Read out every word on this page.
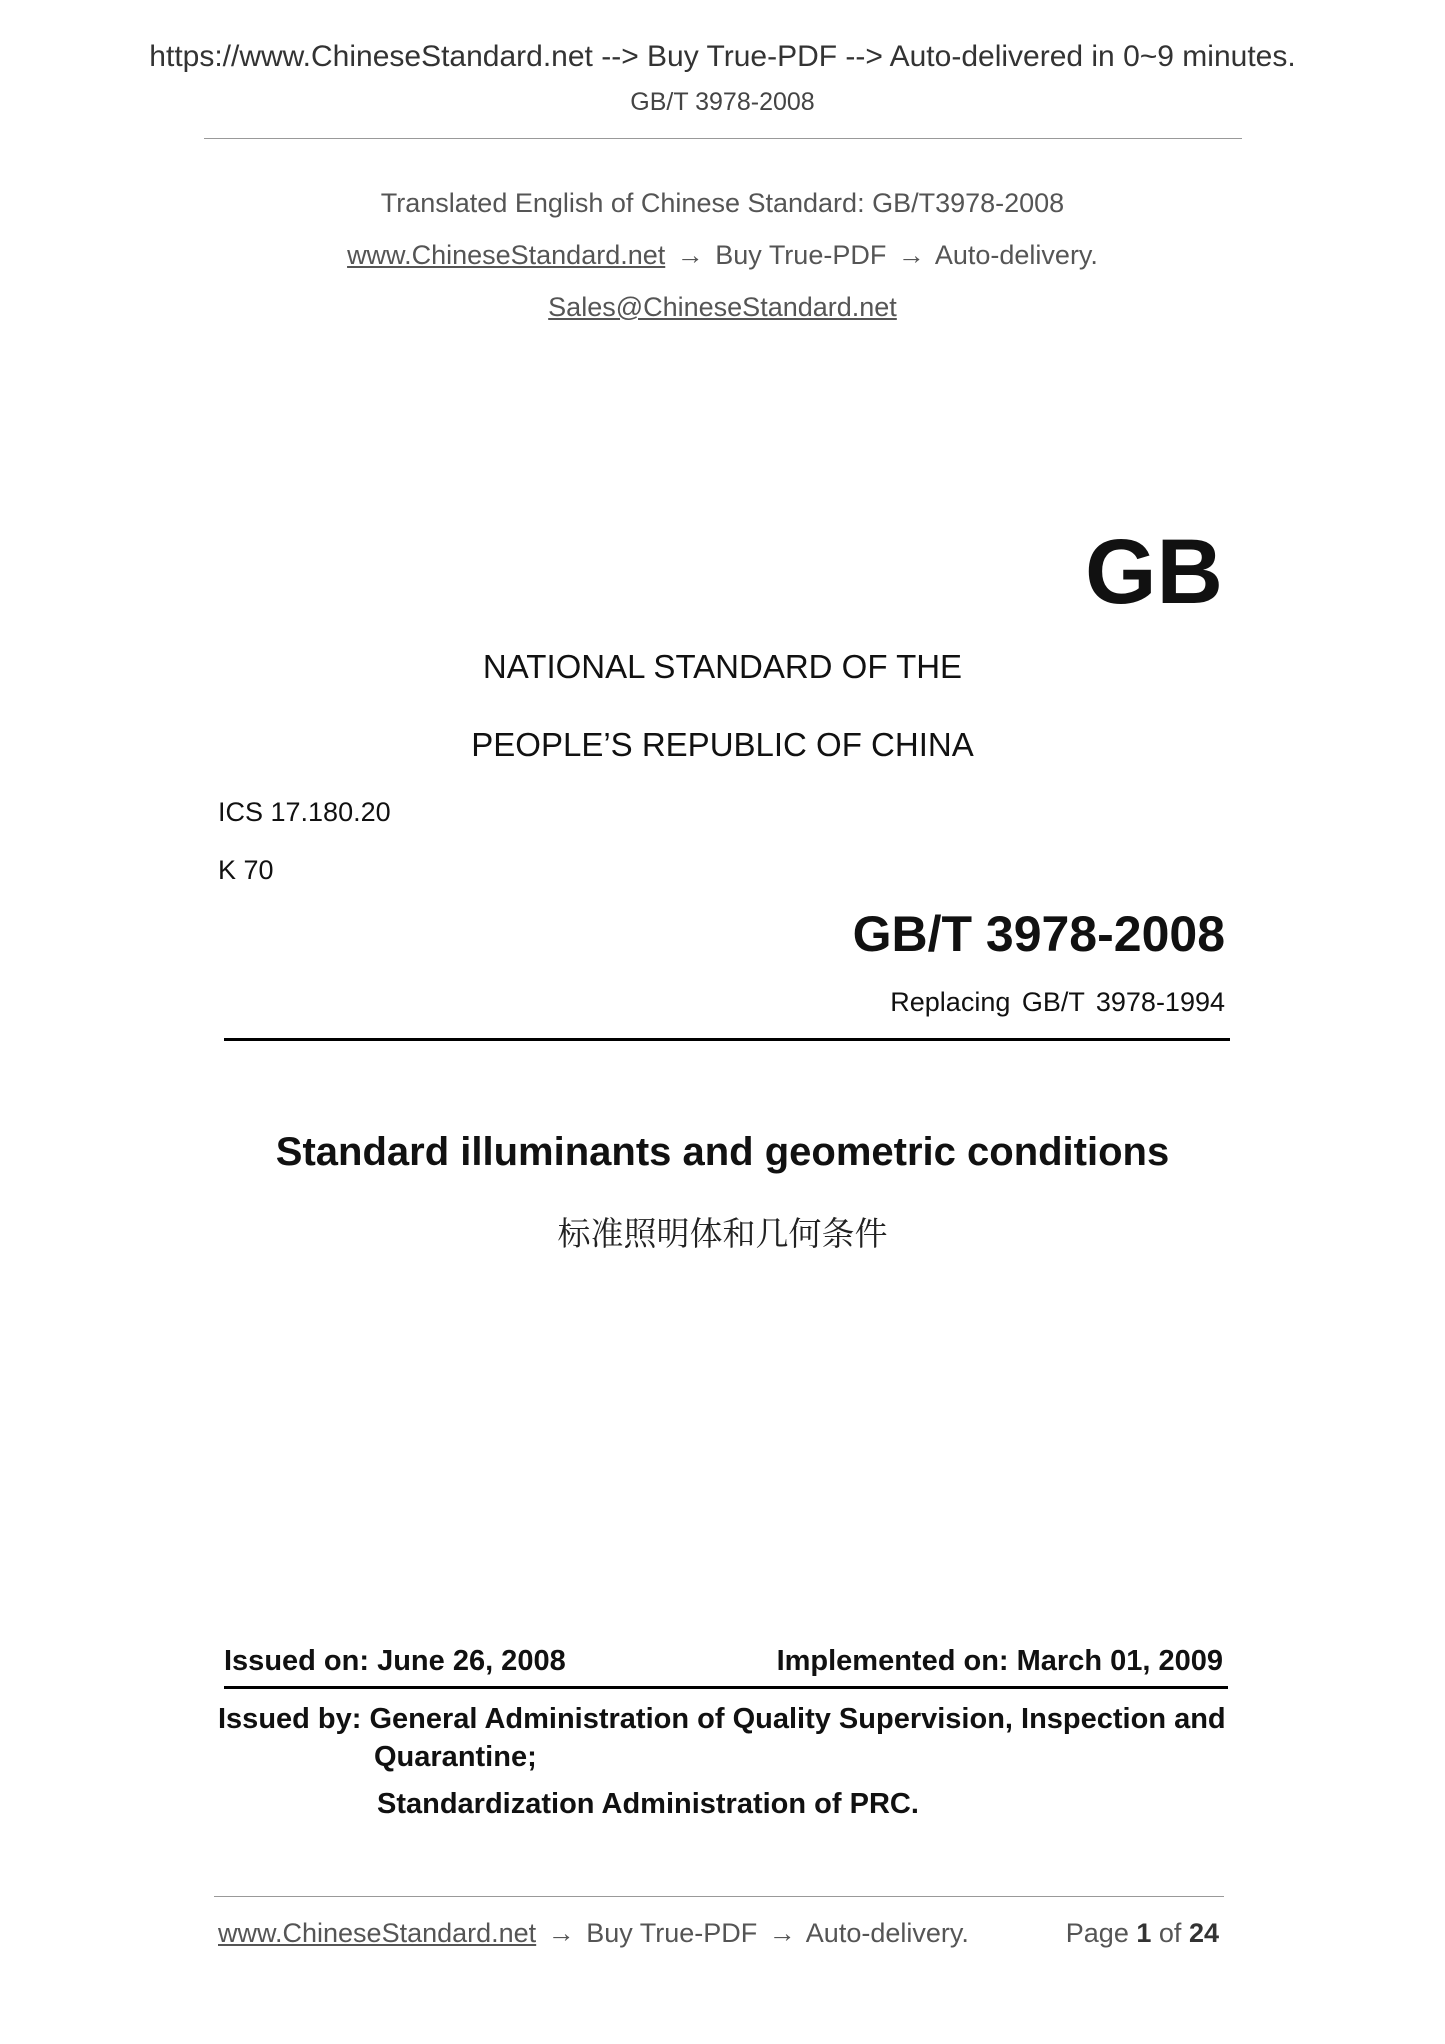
https://www.ChineseStandard.net --> Buy True-PDF --> Auto-delivered in 0~9 minutes.
GB/T 3978-2008
Translated English of Chinese Standard: GB/T3978-2008
www.ChineseStandard.net → Buy True-PDF → Auto-delivery.
Sales@ChineseStandard.net
GB
NATIONAL STANDARD OF THE
PEOPLE’S REPUBLIC OF CHINA
ICS 17.180.20
K 70
GB/T 3978-2008
Replacing GB/T 3978-1994
Standard illuminants and geometric conditions
标准照明体和几何条件
Issued on: June 26, 2008	Implemented on: March 01, 2009
Issued by: General Administration of Quality Supervision, Inspection and
Quarantine;
Standardization Administration of PRC.
www.ChineseStandard.net → Buy True-PDF → Auto-delivery.	Page 1 of 24
